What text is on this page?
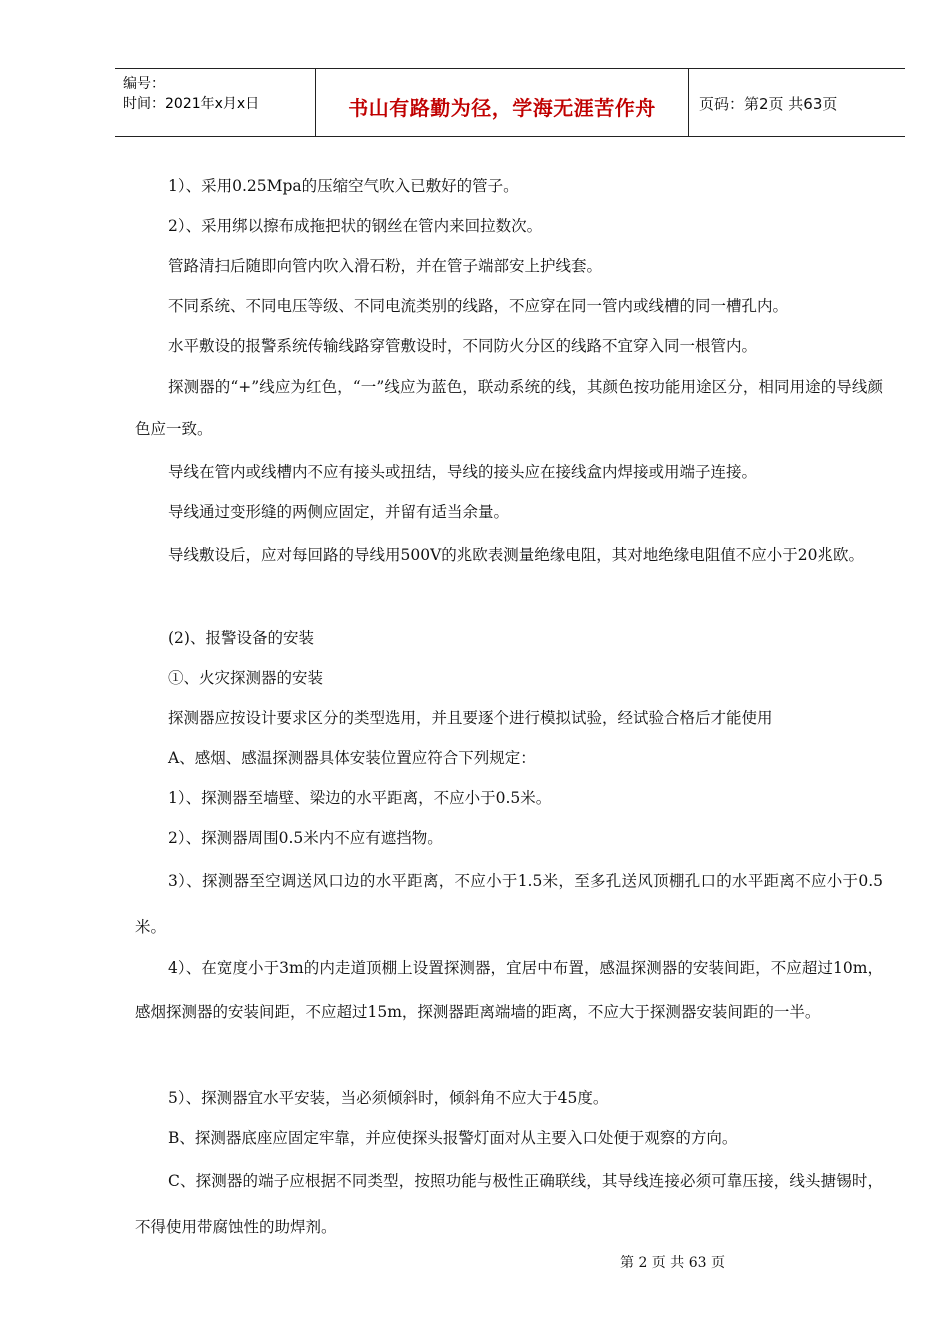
编号：
时间：2021年x月x日	书山有路勤为径，学海无涯苦作舟	页码：第2页 共63页
1）、采用0.25Mpa的压缩空气吹入已敷好的管子。
2）、采用绑以擦布成拖把状的钢丝在管内来回拉数次。
管路清扫后随即向管内吹入滑石粉，并在管子端部安上护线套。
不同系统、不同电压等级、不同电流类别的线路，不应穿在同一管内或线槽的同一槽孔内。
水平敷设的报警系统传输线路穿管敷设时，不同防火分区的线路不宜穿入同一根管内。
探测器的“+”线应为红色，“一”线应为蓝色，联动系统的线，其颜色按功能用途区分，相同用途的导线颜色应一致。
导线在管内或线槽内不应有接头或扭结，导线的接头应在接线盒内焊接或用端子连接。
导线通过变形缝的两侧应固定，并留有适当余量。
导线敷设后，应对每回路的导线用500V的兆欧表测量绝缘电阻，其对地绝缘电阻值不应小于20兆欧。
(2)、报警设备的安装
①、火灾探测器的安装
探测器应按设计要求区分的类型选用，并且要逐个进行模拟试验，经试验合格后才能使用
A、感烟、感温探测器具体安装位置应符合下列规定：
1）、探测器至墙壁、梁边的水平距离，不应小于0.5米。
2）、探测器周围0.5米内不应有遮挡物。
3）、探测器至空调送风口边的水平距离，不应小于1.5米，至多孔送风顶棚孔口的水平距离不应小于0.5米。
4）、在宽度小于3m的内走道顶棚上设置探测器，宜居中布置，感温探测器的安装间距，不应超过10m，感烟探测器的安装间距，不应超过15m，探测器距离端墙的距离，不应大于探测器安装间距的一半。
5）、探测器宜水平安装，当必须倾斜时，倾斜角不应大于45度。
B、探测器底座应固定牢靠，并应使探头报警灯面对从主要入口处便于观察的方向。
C、探测器的端子应根据不同类型，按照功能与极性正确联线，其导线连接必须可靠压接，线头搪锡时，不得使用带腐蚀性的助焊剂。
第 2 页 共 63 页
